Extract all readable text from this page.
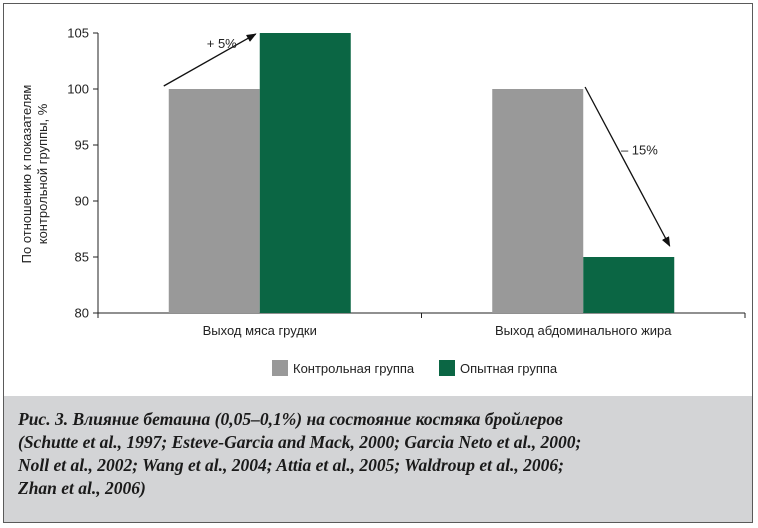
По отношению к показателям контрольной группы, %
80
85
90
95
100
105
Выход мяса грудки	Выход абдоминального жира
+ 5%
– 15%
Контрольная группа	Опытная группа

Рис. 3. Влияние бетаина (0,05–0,1%) на состояние костяка бройлеров
(Schutte et al., 1997; Esteve-Garcia and Mack, 2000; Garcia Neto et al., 2000;
Noll et al., 2002; Wang et al., 2004; Attia et al., 2005; Waldroup et al., 2006;
Zhan et al., 2006)
